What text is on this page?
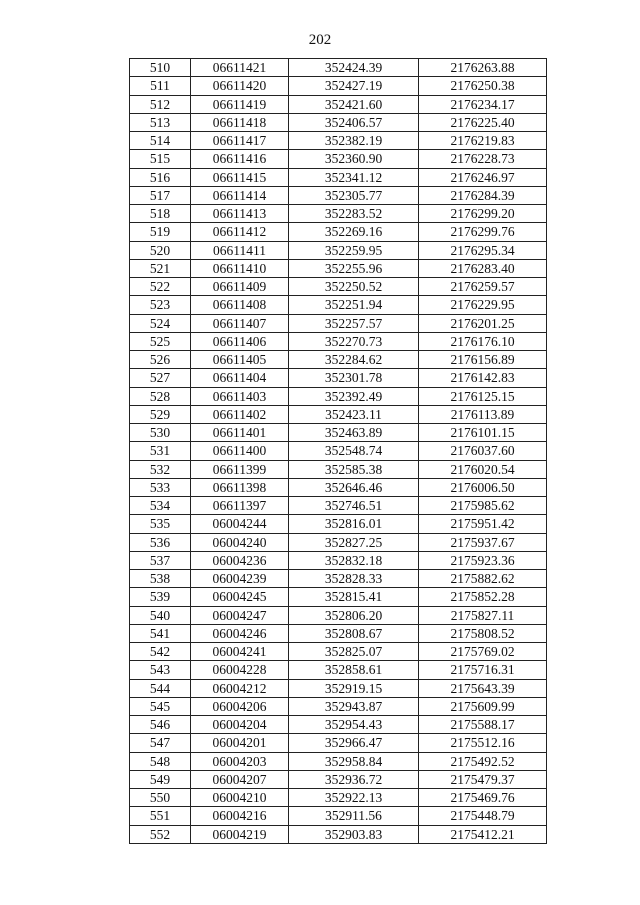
202
510	06611421	352424.39	2176263.88
511	06611420	352427.19	2176250.38
512	06611419	352421.60	2176234.17
513	06611418	352406.57	2176225.40
514	06611417	352382.19	2176219.83
515	06611416	352360.90	2176228.73
516	06611415	352341.12	2176246.97
517	06611414	352305.77	2176284.39
518	06611413	352283.52	2176299.20
519	06611412	352269.16	2176299.76
520	06611411	352259.95	2176295.34
521	06611410	352255.96	2176283.40
522	06611409	352250.52	2176259.57
523	06611408	352251.94	2176229.95
524	06611407	352257.57	2176201.25
525	06611406	352270.73	2176176.10
526	06611405	352284.62	2176156.89
527	06611404	352301.78	2176142.83
528	06611403	352392.49	2176125.15
529	06611402	352423.11	2176113.89
530	06611401	352463.89	2176101.15
531	06611400	352548.74	2176037.60
532	06611399	352585.38	2176020.54
533	06611398	352646.46	2176006.50
534	06611397	352746.51	2175985.62
535	06004244	352816.01	2175951.42
536	06004240	352827.25	2175937.67
537	06004236	352832.18	2175923.36
538	06004239	352828.33	2175882.62
539	06004245	352815.41	2175852.28
540	06004247	352806.20	2175827.11
541	06004246	352808.67	2175808.52
542	06004241	352825.07	2175769.02
543	06004228	352858.61	2175716.31
544	06004212	352919.15	2175643.39
545	06004206	352943.87	2175609.99
546	06004204	352954.43	2175588.17
547	06004201	352966.47	2175512.16
548	06004203	352958.84	2175492.52
549	06004207	352936.72	2175479.37
550	06004210	352922.13	2175469.76
551	06004216	352911.56	2175448.79
552	06004219	352903.83	2175412.21
